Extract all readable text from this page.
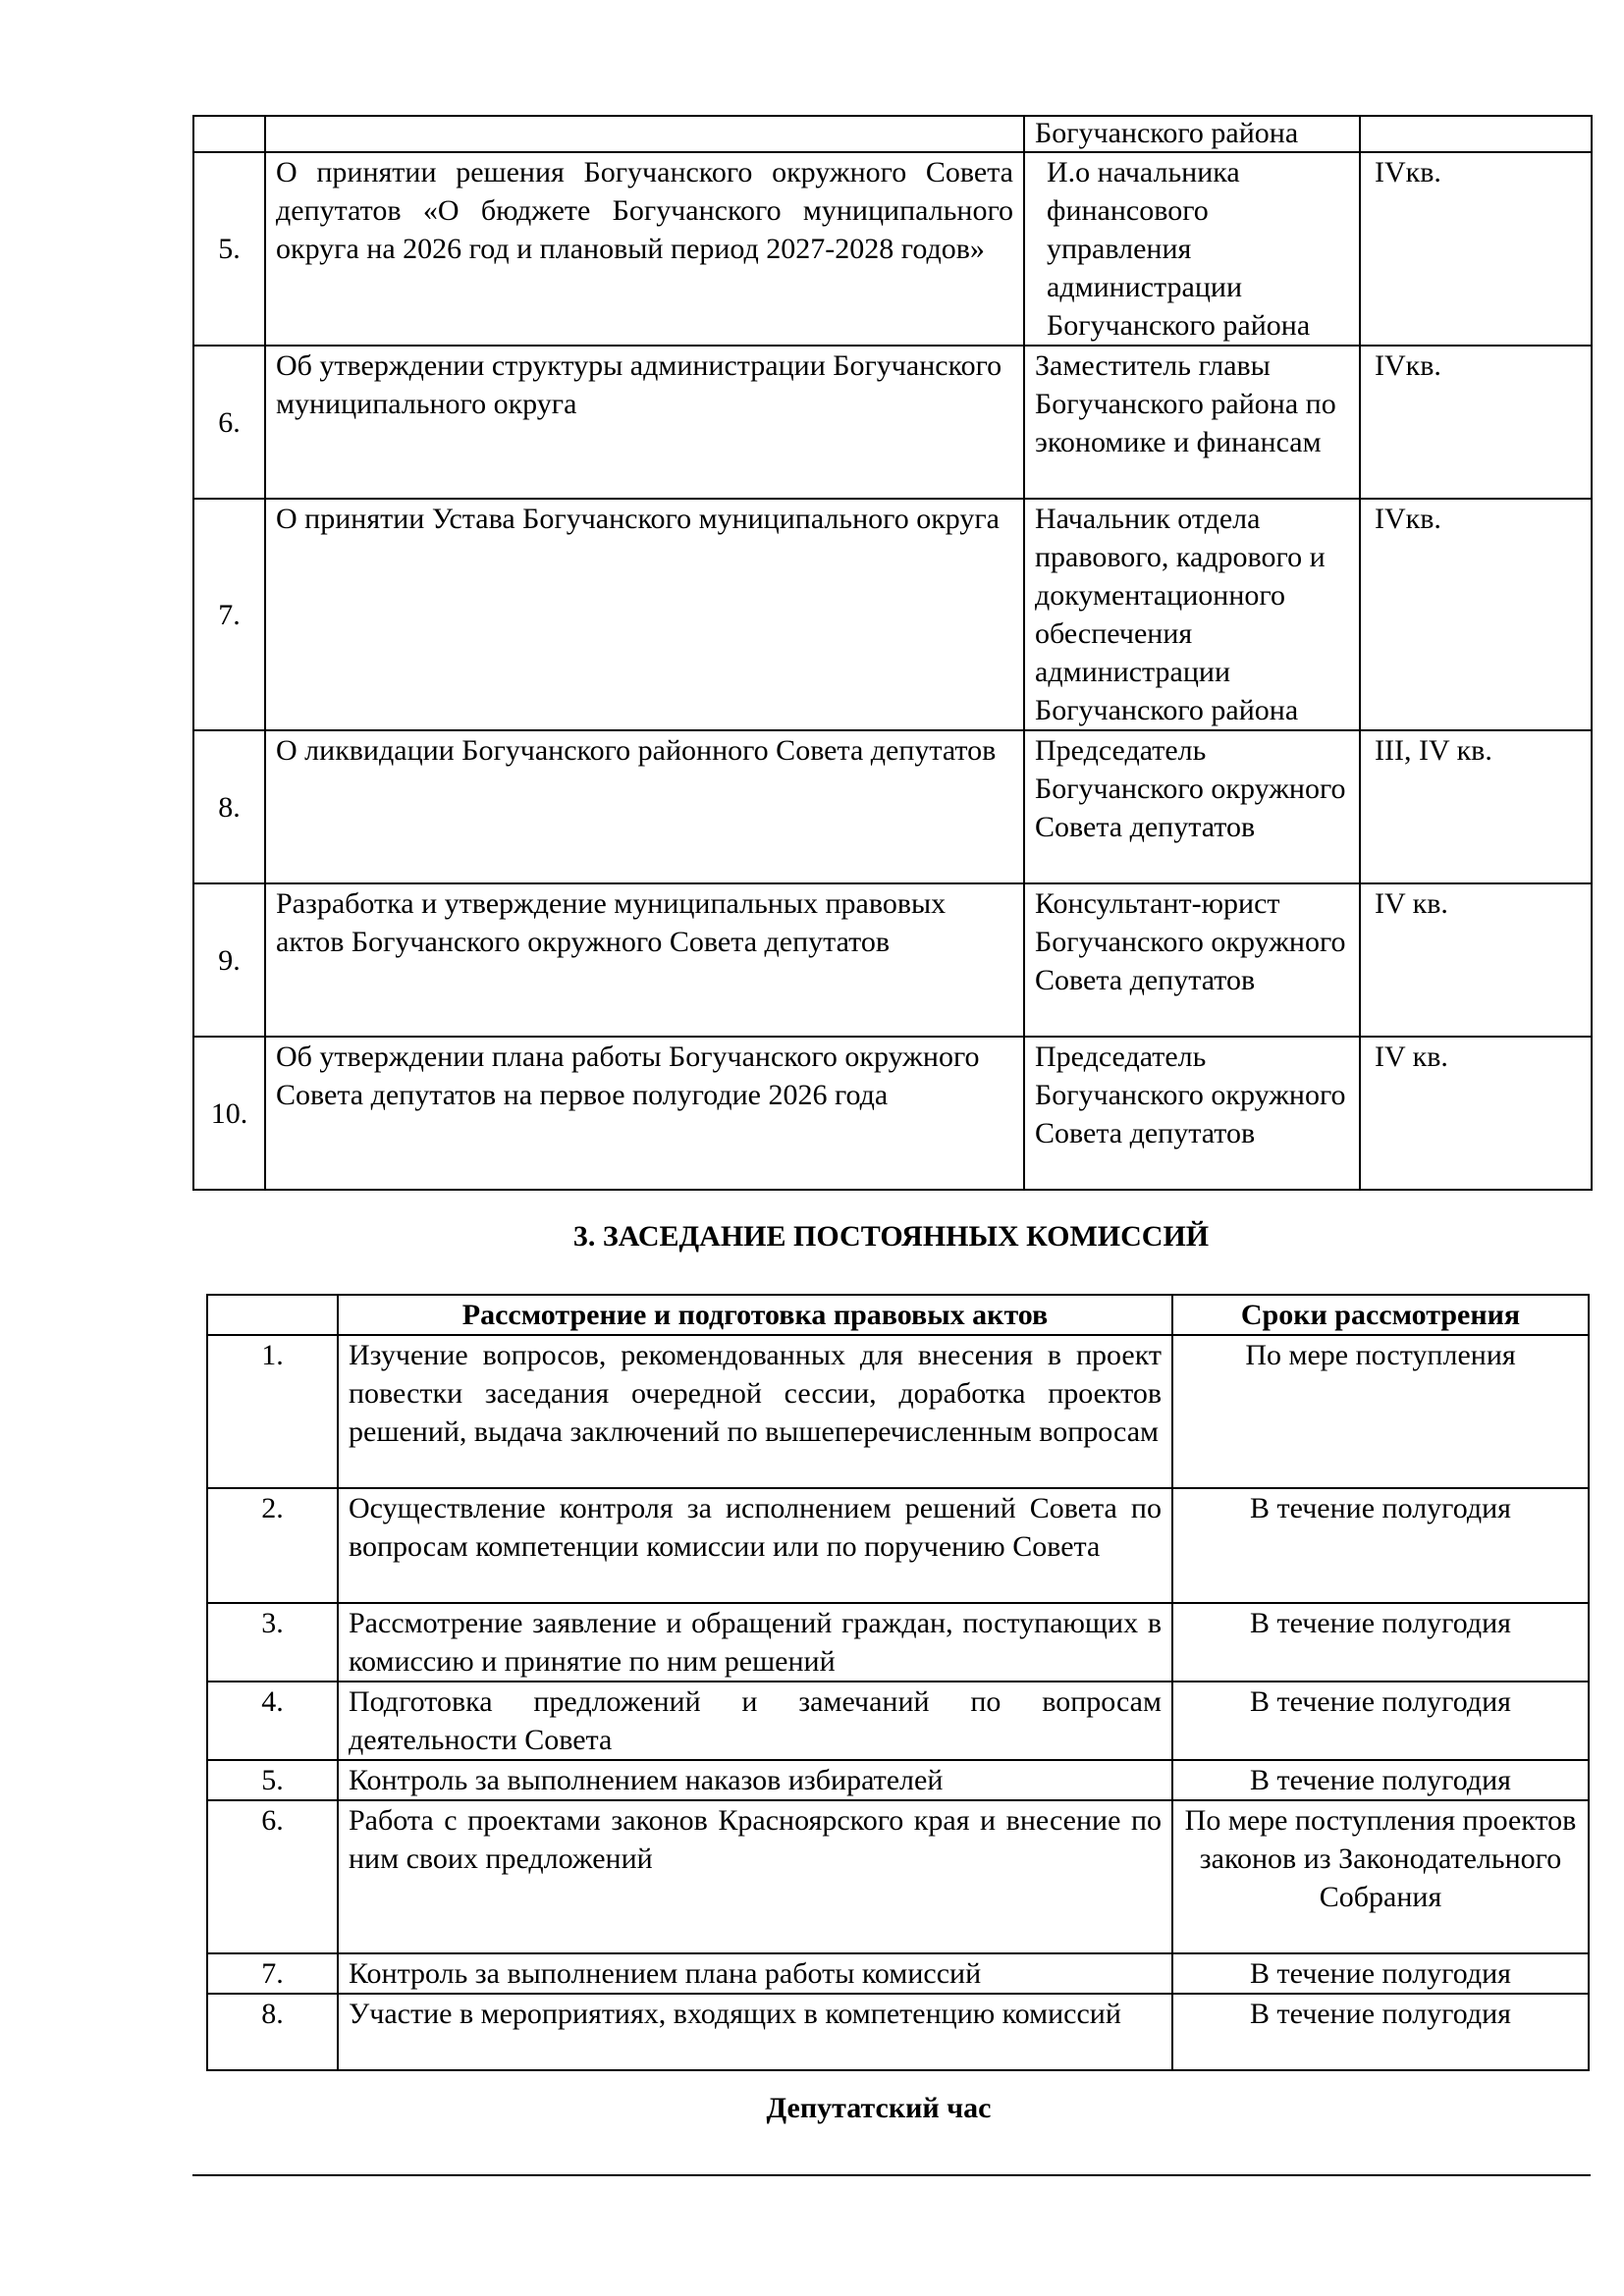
		Богучанского района	
5.	О принятии решения Богучанского окружного Совета депутатов «О бюджете Богучанского муниципального округа на 2026 год и плановый период 2027-2028 годов»	И.о начальника финансового управления администрации Богучанского района	IVкв.
6.	Об утверждении структуры администрации Богучанского муниципального округа	Заместитель главы Богучанского района по экономике и финансам	IVкв.
7.	О принятии Устава Богучанского муниципального округа	Начальник отдела правового, кадрового и документационного обеспечения администрации Богучанского района	IVкв.
8.	О ликвидации Богучанского районного Совета депутатов	Председатель Богучанского окружного Совета депутатов	III, IV кв.
9.	Разработка и утверждение муниципальных правовых актов Богучанского окружного Совета депутатов	Консультант-юрист Богучанского окружного Совета депутатов	IV кв.
10.	Об утверждении плана работы Богучанского окружного Совета депутатов на первое полугодие 2026 года	Председатель Богучанского окружного Совета депутатов	IV кв.
3. ЗАСЕДАНИЕ ПОСТОЯННЫХ КОМИССИЙ
	Рассмотрение и подготовка правовых актов	Сроки рассмотрения
1.	Изучение вопросов, рекомендованных для внесения в проект повестки заседания очередной сессии, доработка проектов решений, выдача заключений по вышеперечисленным вопросам	По мере поступления
2.	Осуществление контроля за исполнением решений Совета по вопросам компетенции комиссии или по поручению Совета	В течение полугодия
3.	Рассмотрение заявление и обращений граждан, поступающих в комиссию и принятие по ним решений	В течение полугодия
4.	Подготовка предложений и замечаний по вопросам деятельности Совета	В течение полугодия
5.	Контроль за выполнением наказов избирателей	В течение полугодия
6.	Работа с проектами законов Красноярского края и внесение по ним своих предложений	По мере поступления проектов законов из Законодательного Собрания
7.	Контроль за выполнением плана работы комиссий	В течение полугодия
8.	Участие в мероприятиях, входящих в компетенцию комиссий	В течение полугодия
Депутатский час
